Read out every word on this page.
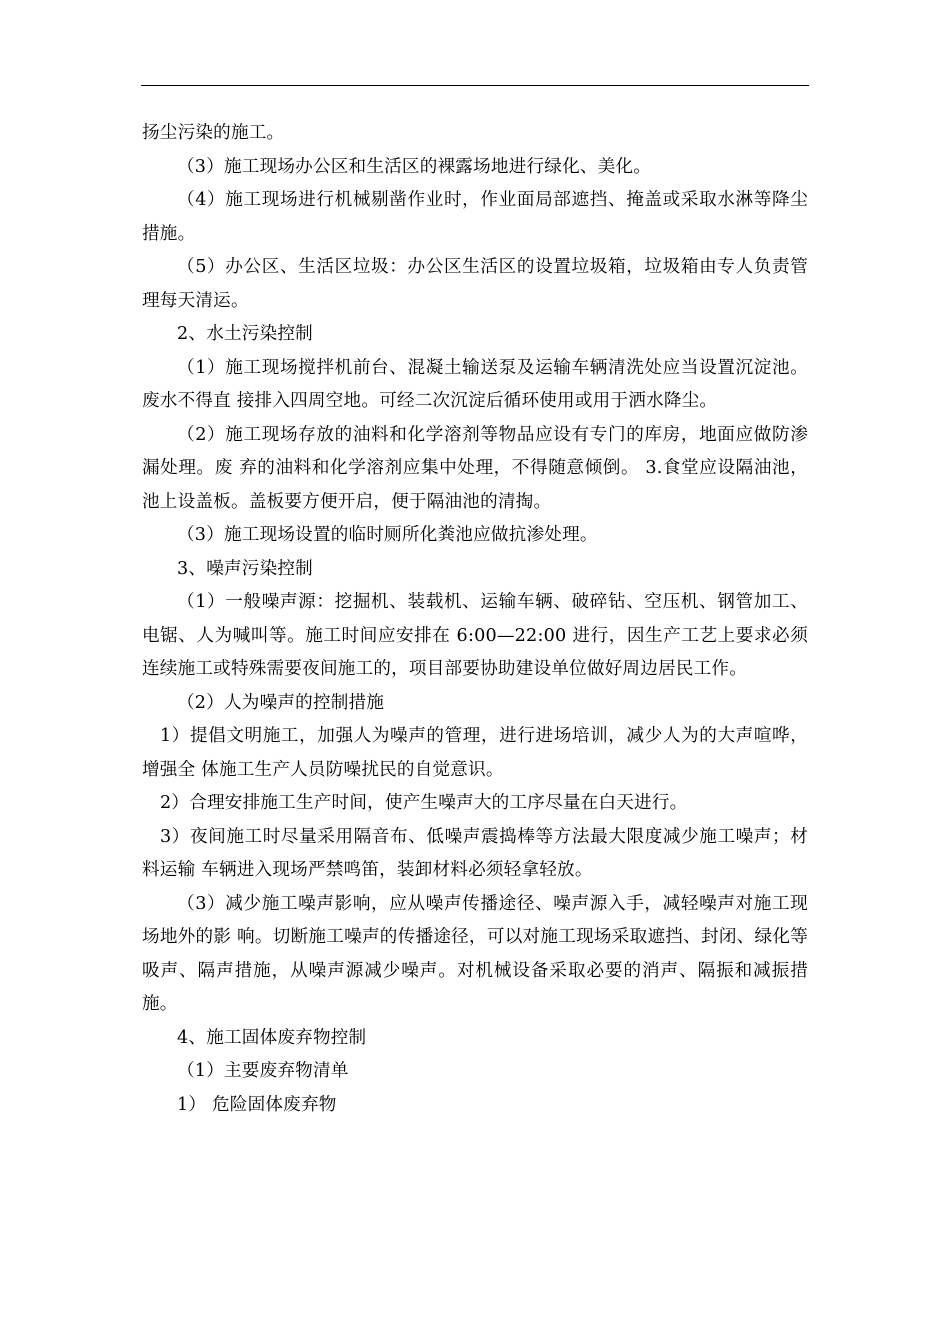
扬尘污染的施工。

（3）施工现场办公区和生活区的裸露场地进行绿化、美化。

（4）施工现场进行机械剔凿作业时，作业面局部遮挡、掩盖或采取水淋等降尘措施。

（5）办公区、生活区垃圾：办公区生活区的设置垃圾箱，垃圾箱由专人负责管理每天清运。

2、水土污染控制

（1）施工现场搅拌机前台、混凝土输送泵及运输车辆清洗处应当设置沉淀池。废水不得直 接排入四周空地。可经二次沉淀后循环使用或用于洒水降尘。

（2）施工现场存放的油料和化学溶剂等物品应设有专门的库房，地面应做防渗漏处理。废 弃的油料和化学溶剂应集中处理，不得随意倾倒。 3.食堂应设隔油池，池上设盖板。盖板要方便开启，便于隔油池的清掏。

（3）施工现场设置的临时厕所化粪池应做抗渗处理。

3、噪声污染控制

（1）一般噪声源：挖掘机、装载机、运输车辆、破碎钻、空压机、钢管加工、电锯、人为喊叫等。施工时间应安排在 6:00—22:00 进行，因生产工艺上要求必须连续施工或特殊需要夜间施工的，项目部要协助建设单位做好周边居民工作。

（2）人为噪声的控制措施

1）提倡文明施工，加强人为噪声的管理，进行进场培训，减少人为的大声喧哗，增强全 体施工生产人员防噪扰民的自觉意识。

2）合理安排施工生产时间，使产生噪声大的工序尽量在白天进行。

3）夜间施工时尽量采用隔音布、低噪声震捣棒等方法最大限度减少施工噪声；材料运输 车辆进入现场严禁鸣笛，装卸材料必须轻拿轻放。

（3）减少施工噪声影响，应从噪声传播途径、噪声源入手，减轻噪声对施工现场地外的影 响。切断施工噪声的传播途径，可以对施工现场采取遮挡、封闭、绿化等吸声、隔声措施，从噪声源减少噪声。对机械设备采取必要的消声、隔振和减振措施。

4、施工固体废弃物控制

（1）主要废弃物清单

1） 危险固体废弃物
